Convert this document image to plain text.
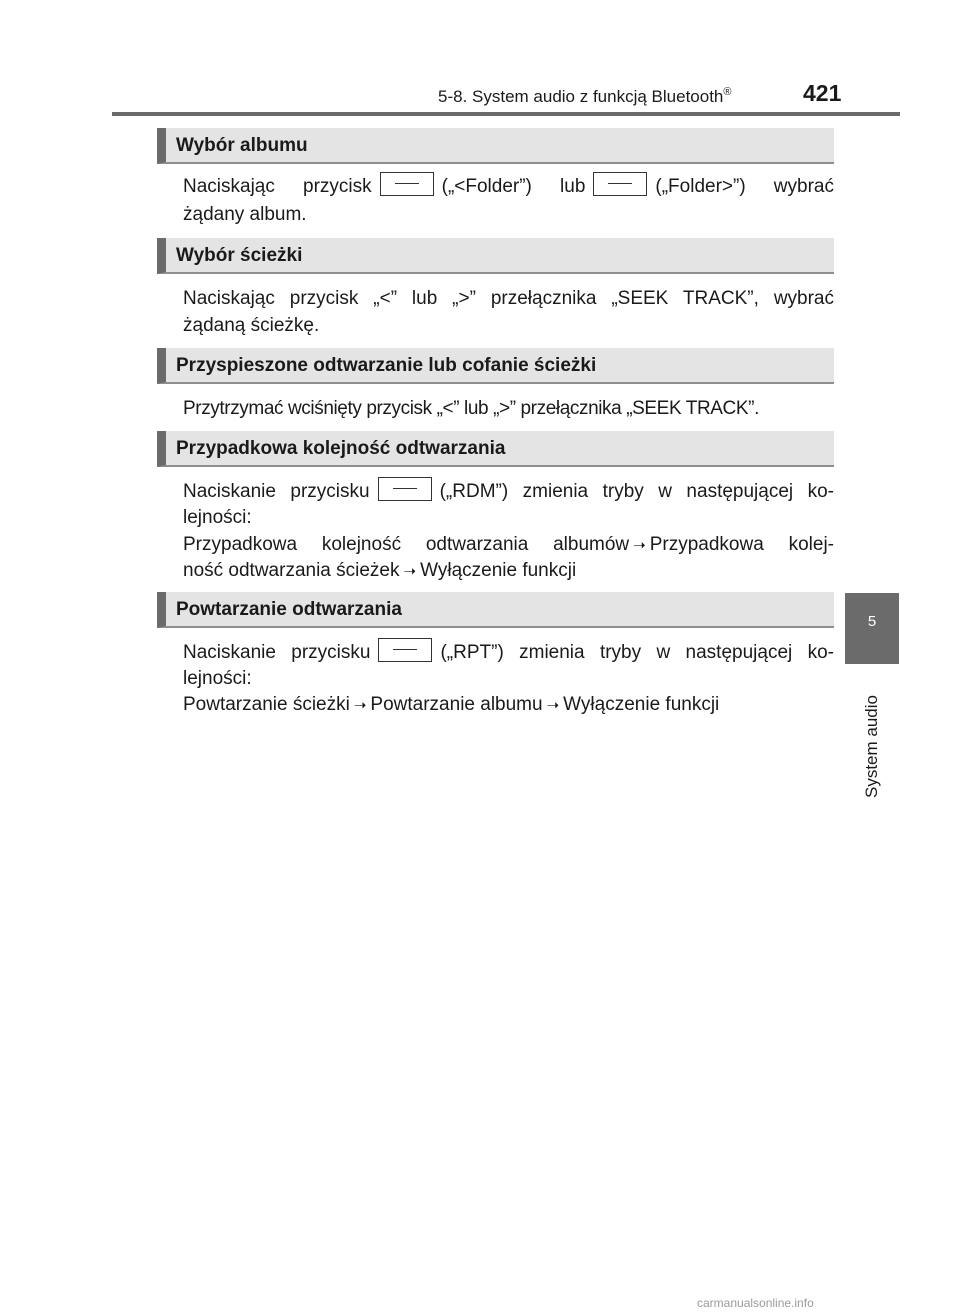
5-8. System audio z funkcją Bluetooth®	421
5
System audio
Wybór albumu
Naciskając przycisk	(„<Folder”) lub	(„Folder>”) wybrać
żądany album.
Wybór ścieżki
Naciskając przycisk „<” lub „>” przełącznika „SEEK TRACK”, wybrać
żądaną ścieżkę.
Przyspieszone odtwarzanie lub cofanie ścieżki
Przytrzymać wciśnięty przycisk „<” lub „>” przełącznika „SEEK TRACK”.
Przypadkowa kolejność odtwarzania
Naciskanie przycisku	(„RDM”) zmienia tryby w następującej ko-
lejności:
Przypadkowa kolejność odtwarzania albumów ➝ Przypadkowa kolej-
ność odtwarzania ścieżek ➝ Wyłączenie funkcji
Powtarzanie odtwarzania
Naciskanie przycisku	(„RPT”) zmienia tryby w następującej ko-
lejności:
Powtarzanie ścieżki ➝ Powtarzanie albumu ➝ Wyłączenie funkcji
carmanualsonline.info
